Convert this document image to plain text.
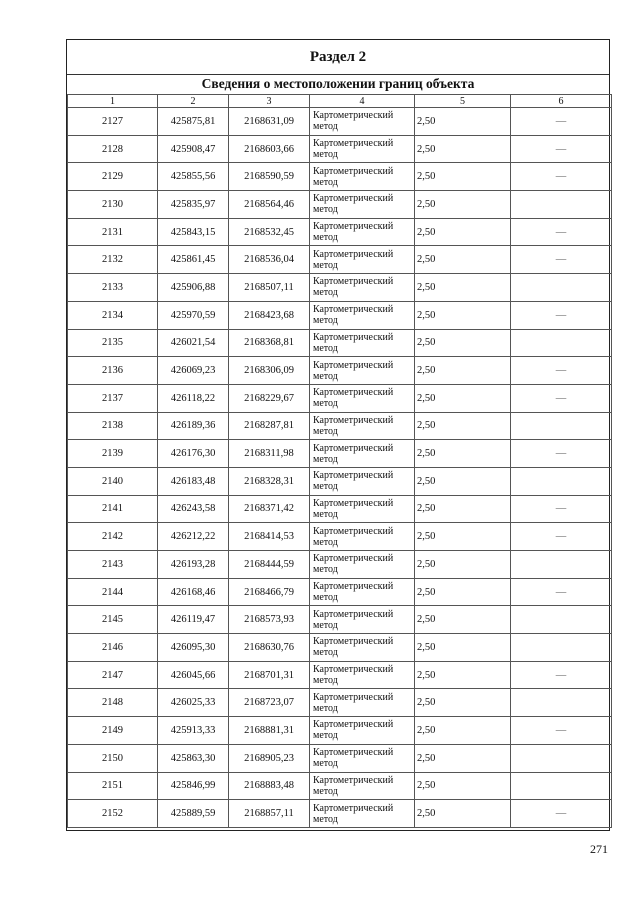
Раздел 2
Сведения о местоположении границ объекта
1	2	3	4	5	6
2127	425875,81	2168631,09	Картометрический метод	2,50	—
2128	425908,47	2168603,66	Картометрический метод	2,50	—
2129	425855,56	2168590,59	Картометрический метод	2,50	—
2130	425835,97	2168564,46	Картометрический метод	2,50	
2131	425843,15	2168532,45	Картометрический метод	2,50	—
2132	425861,45	2168536,04	Картометрический метод	2,50	—
2133	425906,88	2168507,11	Картометрический метод	2,50	
2134	425970,59	2168423,68	Картометрический метод	2,50	—
2135	426021,54	2168368,81	Картометрический метод	2,50	
2136	426069,23	2168306,09	Картометрический метод	2,50	—
2137	426118,22	2168229,67	Картометрический метод	2,50	—
2138	426189,36	2168287,81	Картометрический метод	2,50	
2139	426176,30	2168311,98	Картометрический метод	2,50	—
2140	426183,48	2168328,31	Картометрический метод	2,50	
2141	426243,58	2168371,42	Картометрический метод	2,50	—
2142	426212,22	2168414,53	Картометрический метод	2,50	—
2143	426193,28	2168444,59	Картометрический метод	2,50	
2144	426168,46	2168466,79	Картометрический метод	2,50	—
2145	426119,47	2168573,93	Картометрический метод	2,50	
2146	426095,30	2168630,76	Картометрический метод	2,50	
2147	426045,66	2168701,31	Картометрический метод	2,50	—
2148	426025,33	2168723,07	Картометрический метод	2,50	
2149	425913,33	2168881,31	Картометрический метод	2,50	—
2150	425863,30	2168905,23	Картометрический метод	2,50	
2151	425846,99	2168883,48	Картометрический метод	2,50	
2152	425889,59	2168857,11	Картометрический метод	2,50	—
271
